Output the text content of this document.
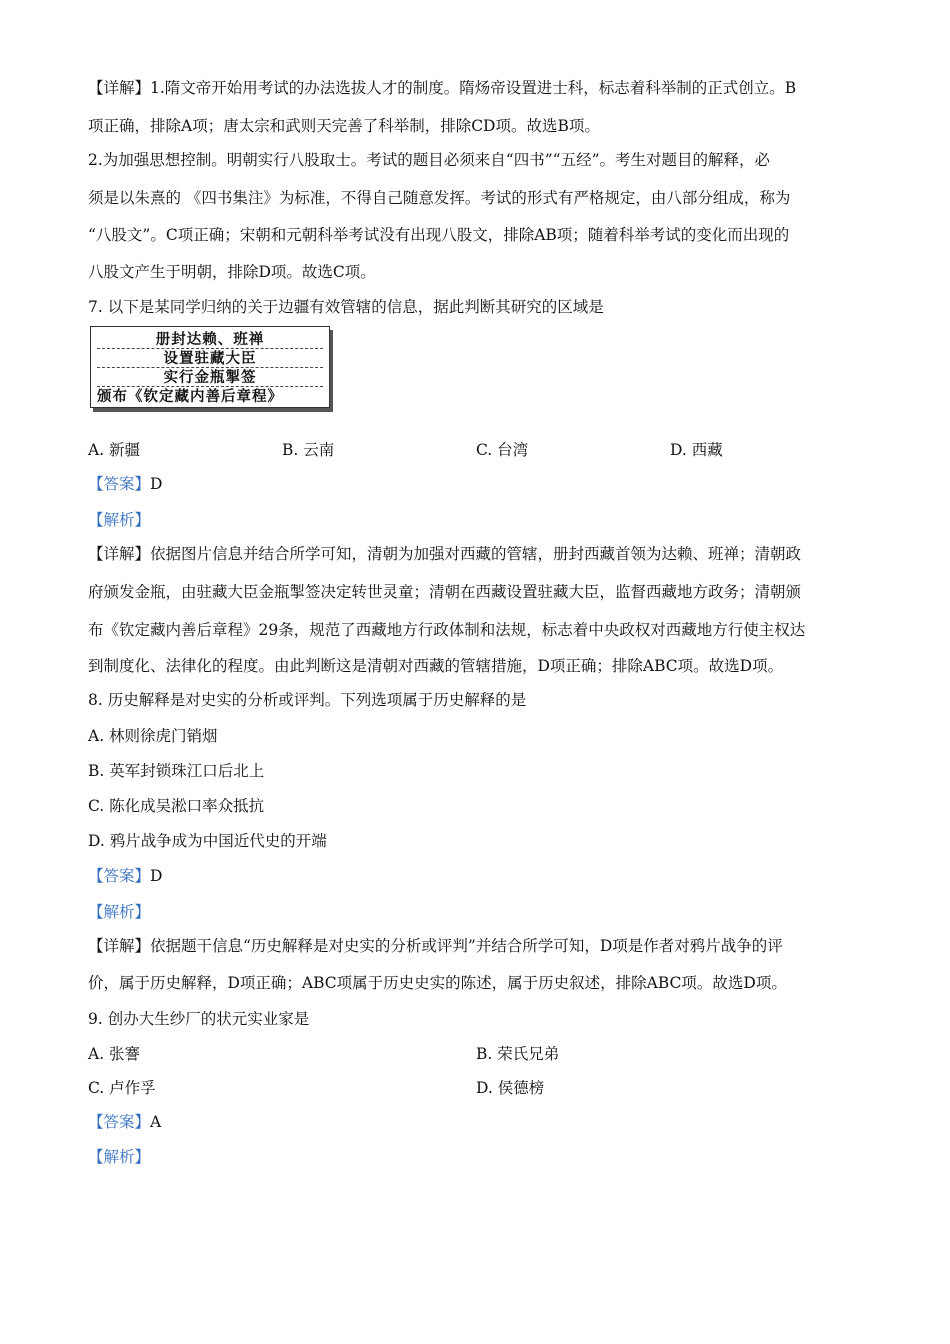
【详解】1.隋文帝开始用考试的办法选拔人才的制度。隋炀帝设置进士科，标志着科举制的正式创立。B
项正确，排除A项；唐太宗和武则天完善了科举制，排除CD项。故选B项。
2.为加强思想控制。明朝实行八股取士。考试的题目必须来自“四书”“五经”。考生对题目的解释，必
须是以朱熹的 《四书集注》为标准，不得自己随意发挥。考试的形式有严格规定，由八部分组成，称为
“八股文”。C项正确；宋朝和元朝科举考试没有出现八股文，排除AB项；随着科举考试的变化而出现的
八股文产生于明朝，排除D项。故选C项。
7. 以下是某同学归纳的关于边疆有效管辖的信息，据此判断其研究的区域是
册封达赖、班禅
设置驻藏大臣
实行金瓶掣签
颁布《钦定藏内善后章程》
A. 新疆	B. 云南	C. 台湾	D. 西藏
【答案】D
【解析】
【详解】依据图片信息并结合所学可知，清朝为加强对西藏的管辖，册封西藏首领为达赖、班禅；清朝政
府颁发金瓶，由驻藏大臣金瓶掣签决定转世灵童；清朝在西藏设置驻藏大臣，监督西藏地方政务；清朝颁
布《钦定藏内善后章程》29条，规范了西藏地方行政体制和法规，标志着中央政权对西藏地方行使主权达
到制度化、法律化的程度。由此判断这是清朝对西藏的管辖措施，D项正确；排除ABC项。故选D项。
8. 历史解释是对史实的分析或评判。下列选项属于历史解释的是
A. 林则徐虎门销烟
B. 英军封锁珠江口后北上
C. 陈化成吴淞口率众抵抗
D. 鸦片战争成为中国近代史的开端
【答案】D
【解析】
【详解】依据题干信息“历史解释是对史实的分析或评判”并结合所学可知，D项是作者对鸦片战争的评
价，属于历史解释，D项正确；ABC项属于历史史实的陈述，属于历史叙述，排除ABC项。故选D项。
9. 创办大生纱厂的状元实业家是
A. 张謇	B. 荣氏兄弟
C. 卢作孚	D. 侯德榜
【答案】A
【解析】
